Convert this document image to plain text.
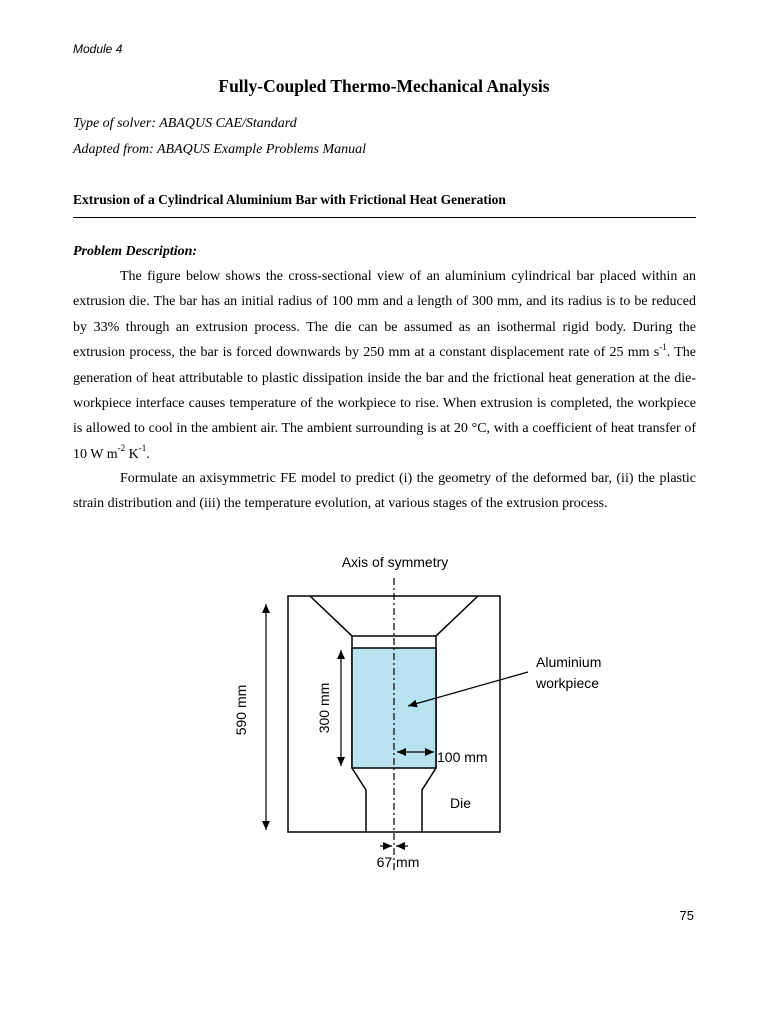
Module 4
Fully-Coupled Thermo-Mechanical Analysis
Type of solver: ABAQUS CAE/Standard
Adapted from: ABAQUS Example Problems Manual
Extrusion of a Cylindrical Aluminium Bar with Frictional Heat Generation
Problem Description:

The figure below shows the cross-sectional view of an aluminium cylindrical bar placed within an extrusion die. The bar has an initial radius of 100 mm and a length of 300 mm, and its radius is to be reduced by 33% through an extrusion process. The die can be assumed as an isothermal rigid body. During the extrusion process, the bar is forced downwards by 250 mm at a constant displacement rate of 25 mm $s^{-1}$. The generation of heat attributable to plastic dissipation inside the bar and the frictional heat generation at the die-workpiece interface causes temperature of the workpiece to rise. When extrusion is completed, the workpiece is allowed to cool in the ambient air. The ambient surrounding is at 20 °C, with a coefficient of heat transfer of 10 W $m^{-2}$ $K^{-1}$.

Formulate an axisymmetric FE model to predict (i) the geometry of the deformed bar, (ii) the plastic strain distribution and (iii) the temperature evolution, at various stages of the extrusion process.

Axis of symmetry
590 mm	300 mm
100 mm
Aluminium
workpiece
Die
67 mm
75
